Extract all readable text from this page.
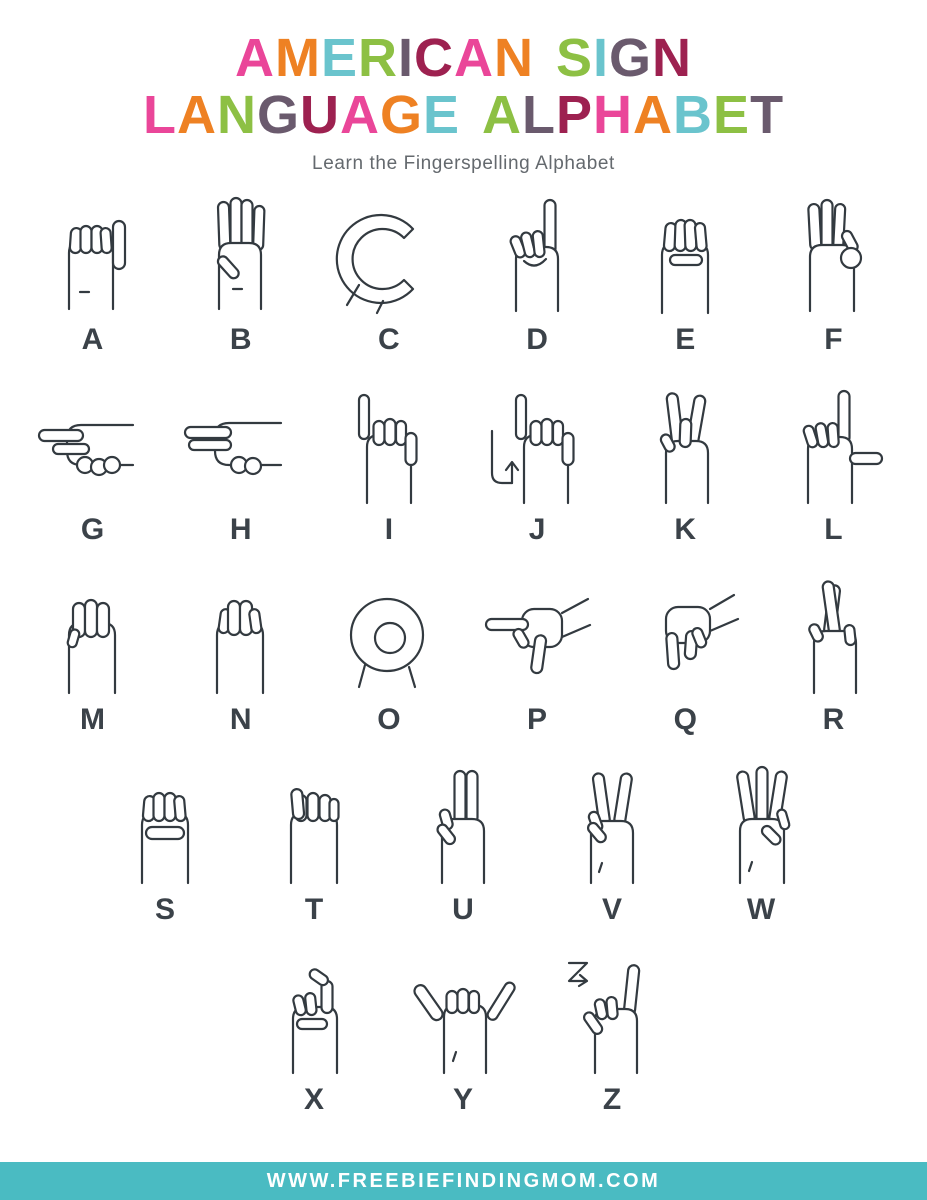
AMERICAN SIGN
LANGUAGE ALPHABET
Learn the Fingerspelling Alphabet
A	B	C	D	E	F
G	H	I	J	K	L
M	N	O	P	Q	R
S	T	U	V	W
X	Y	Z
WWW.FREEBIEFINDINGMOM.COM
